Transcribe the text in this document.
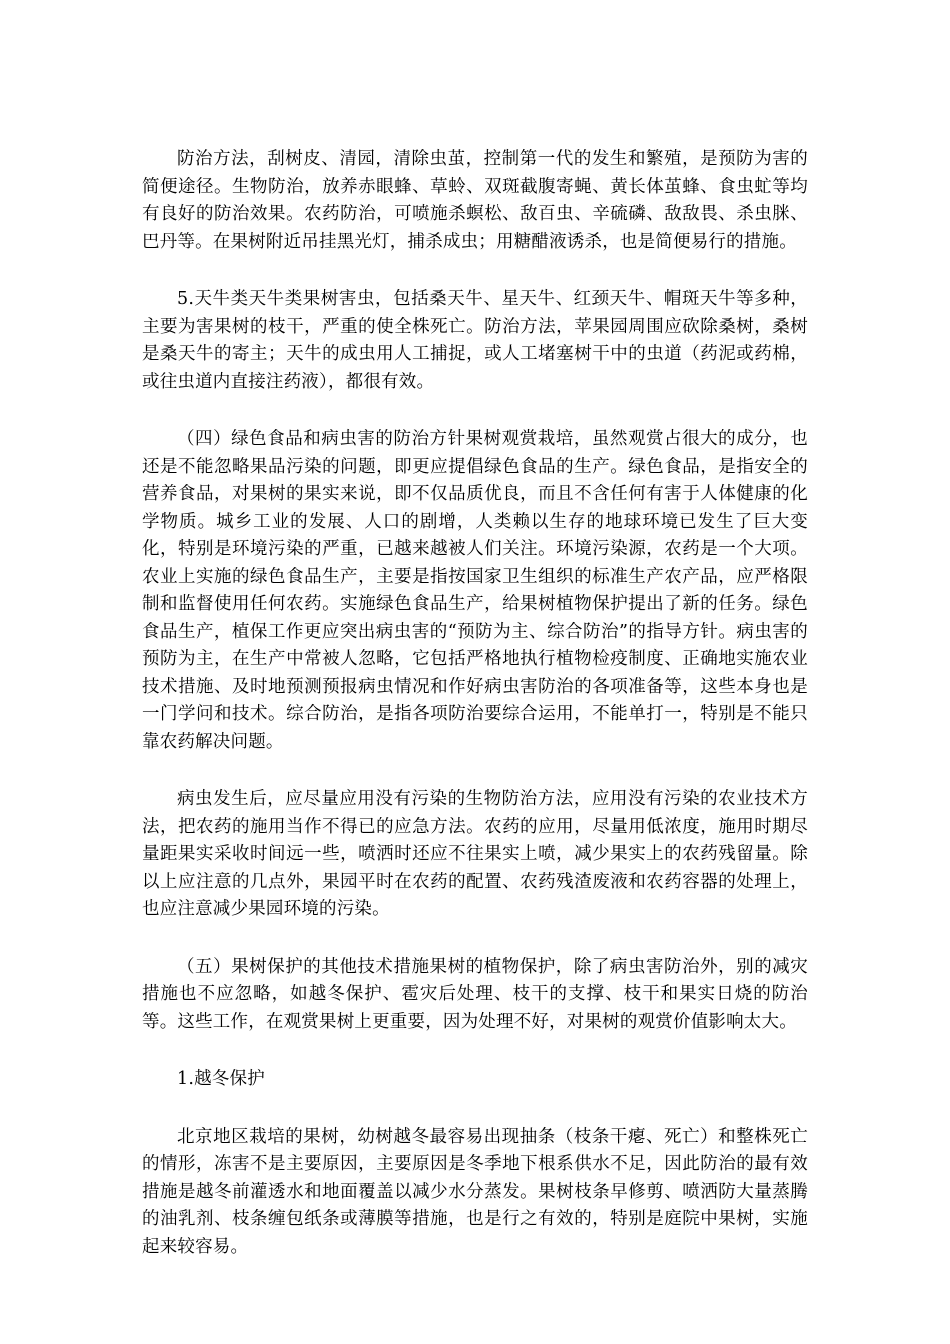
防治方法，刮树皮、清园，清除虫茧，控制第一代的发生和繁殖，是预防为害的简便途径。生物防治，放养赤眼蜂、草蛉、双斑截腹寄蝇、黄长体茧蜂、食虫虻等均有良好的防治效果。农药防治，可喷施杀螟松、敌百虫、辛硫磷、敌敌畏、杀虫脒、巴丹等。在果树附近吊挂黑光灯，捕杀成虫；用糖醋液诱杀，也是简便易行的措施。

5.天牛类天牛类果树害虫，包括桑天牛、星天牛、红颈天牛、帽斑天牛等多种，主要为害果树的枝干，严重的使全株死亡。防治方法，苹果园周围应砍除桑树，桑树是桑天牛的寄主；天牛的成虫用人工捕捉，或人工堵塞树干中的虫道（药泥或药棉，或往虫道内直接注药液），都很有效。

（四）绿色食品和病虫害的防治方针果树观赏栽培，虽然观赏占很大的成分，也还是不能忽略果品污染的问题，即更应提倡绿色食品的生产。绿色食品，是指安全的营养食品，对果树的果实来说，即不仅品质优良，而且不含任何有害于人体健康的化学物质。城乡工业的发展、人口的剧增，人类赖以生存的地球环境已发生了巨大变化，特别是环境污染的严重，已越来越被人们关注。环境污染源，农药是一个大项。农业上实施的绿色食品生产，主要是指按国家卫生组织的标准生产农产品，应严格限制和监督使用任何农药。实施绿色食品生产，给果树植物保护提出了新的任务。绿色食品生产，植保工作更应突出病虫害的“预防为主、综合防治”的指导方针。病虫害的预防为主，在生产中常被人忽略，它包括严格地执行植物检疫制度、正确地实施农业技术措施、及时地预测预报病虫情况和作好病虫害防治的各项准备等，这些本身也是一门学问和技术。综合防治，是指各项防治要综合运用，不能单打一，特别是不能只靠农药解决问题。

病虫发生后，应尽量应用没有污染的生物防治方法，应用没有污染的农业技术方法，把农药的施用当作不得已的应急方法。农药的应用，尽量用低浓度，施用时期尽量距果实采收时间远一些，喷洒时还应不往果实上喷，减少果实上的农药残留量。除以上应注意的几点外，果园平时在农药的配置、农药残渣废液和农药容器的处理上，也应注意减少果园环境的污染。

（五）果树保护的其他技术措施果树的植物保护，除了病虫害防治外，别的减灾措施也不应忽略，如越冬保护、雹灾后处理、枝干的支撑、枝干和果实日烧的防治等。这些工作，在观赏果树上更重要，因为处理不好，对果树的观赏价值影响太大。

1.越冬保护

北京地区栽培的果树，幼树越冬最容易出现抽条（枝条干瘪、死亡）和整株死亡的情形，冻害不是主要原因，主要原因是冬季地下根系供水不足，因此防治的最有效措施是越冬前灌透水和地面覆盖以减少水分蒸发。果树枝条早修剪、喷洒防大量蒸腾的油乳剂、枝条缠包纸条或薄膜等措施，也是行之有效的，特别是庭院中果树，实施起来较容易。
